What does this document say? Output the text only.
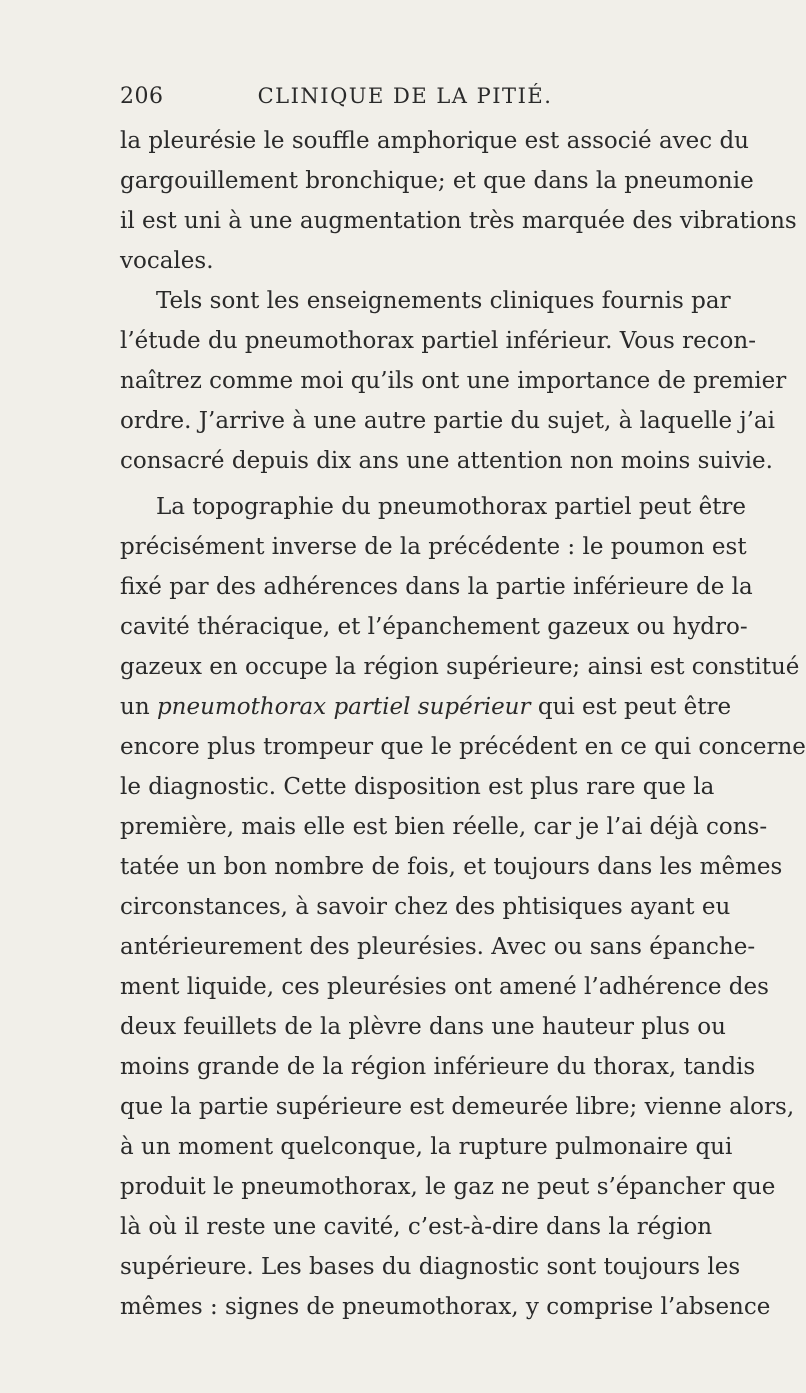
206	CLINIQUE DE LA PITIÉ.
la pleurésie le souffle amphorique est associé avec du
gargouillement bronchique; et que dans la pneumonie
il est uni à une augmentation très marquée des vibrations
vocales.
Tels sont les enseignements cliniques fournis par
l’étude du pneumothorax partiel inférieur. Vous recon-
naîtrez comme moi qu’ils ont une importance de premier
ordre. J’arrive à une autre partie du sujet, à laquelle j’ai
consacré depuis dix ans une attention non moins suivie.
La topographie du pneumothorax partiel peut être
précisément inverse de la précédente : le poumon est
fixé par des adhérences dans la partie inférieure de la
cavité théracique, et l’épanchement gazeux ou hydro-
gazeux en occupe la région supérieure; ainsi est constitué
un pneumothorax partiel supérieur qui est peut être
encore plus trompeur que le précédent en ce qui concerne
le diagnostic. Cette disposition est plus rare que la
première, mais elle est bien réelle, car je l’ai déjà cons-
tatée un bon nombre de fois, et toujours dans les mêmes
circonstances, à savoir chez des phtisiques ayant eu
antérieurement des pleurésies. Avec ou sans épanche-
ment liquide, ces pleurésies ont amené l’adhérence des
deux feuillets de la plèvre dans une hauteur plus ou
moins grande de la région inférieure du thorax, tandis
que la partie supérieure est demeurée libre; vienne alors,
à un moment quelconque, la rupture pulmonaire qui
produit le pneumothorax, le gaz ne peut s’épancher que
là où il reste une cavité, c’est-à-dire dans la région
supérieure. Les bases du diagnostic sont toujours les
mêmes : signes de pneumothorax, y comprise l’absence
